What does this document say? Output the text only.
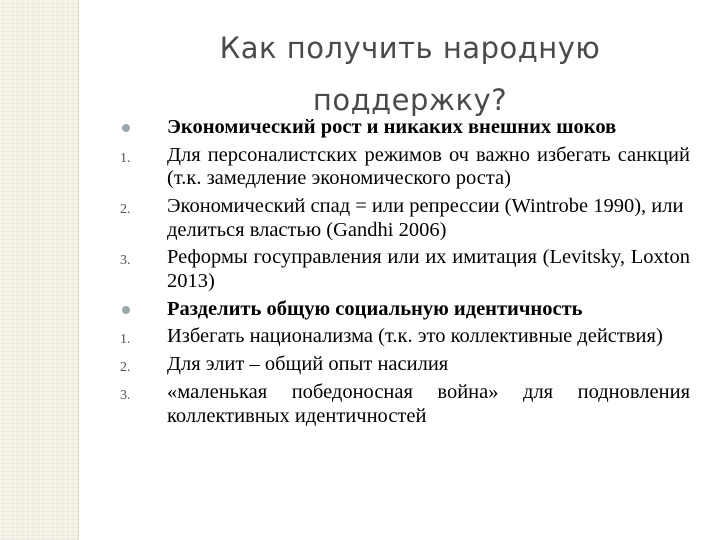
Как получить народную
поддержку?
Экономический рост и никаких внешних шоков
1.	Для персоналистских режимов оч важно избегать санкций (т.к. замедление экономического роста)
2.	Экономический спад = или репрессии (Wintrobe 1990), или делиться властью (Gandhi 2006)
3.	Реформы госуправления или их имитация (Levitsky, Loxton 2013)
Разделить общую социальную идентичность
1.	Избегать национализма (т.к. это коллективные действия)
2.	Для элит – общий опыт насилия
3.	«маленькая победоносная война» для подновления коллективных идентичностей
